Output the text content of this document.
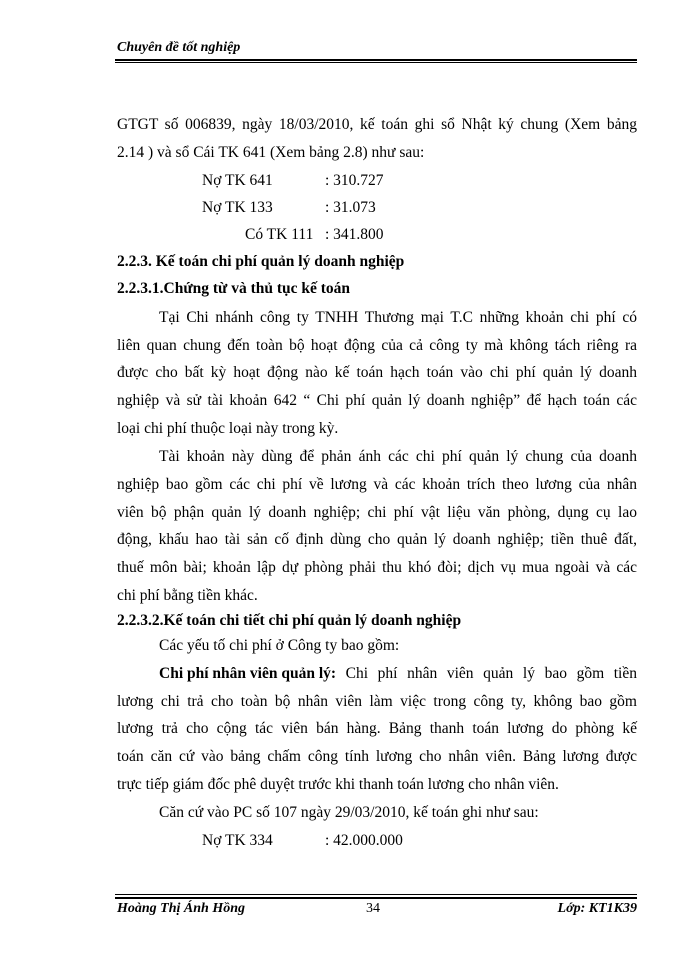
Chuyên đề tốt nghiệp
GTGT số 006839, ngày 18/03/2010, kế toán ghi sổ Nhật ký chung (Xem bảng
2.14 ) và sổ Cái TK 641 (Xem bảng 2.8) như sau:
Nợ TK 641	: 310.727
Nợ TK 133	: 31.073
Có TK 111 : 341.800
2.2.3. Kế toán chi phí quản lý doanh nghiệp
2.2.3.1.Chứng từ và thủ tục kế toán
Tại Chi nhánh công ty TNHH Thương mại T.C những khoản chi phí có
liên quan chung đến toàn bộ hoạt động của cả công ty mà không tách riêng ra
được cho bất kỳ hoạt động nào kế toán hạch toán vào chi phí quản lý doanh
nghiệp và sử tài khoản 642 “ Chi phí quản lý doanh nghiệp” để hạch toán các
loại chi phí thuộc loại này trong kỳ.
Tài khoản này dùng để phản ánh các chi phí quản lý chung của doanh
nghiệp bao gồm các chi phí về lương và các khoản trích theo lương của nhân
viên bộ phận quản lý doanh nghiệp; chi phí vật liệu văn phòng, dụng cụ lao
động, khấu hao tài sản cố định dùng cho quản lý doanh nghiệp; tiền thuê đất,
thuế môn bài; khoản lập dự phòng phải thu khó đòi; dịch vụ mua ngoài và các
chi phí bằng tiền khác.
2.2.3.2.Kế toán chi tiết chi phí quản lý doanh nghiệp
Các yếu tố chi phí ở Công ty bao gồm:
Chi phí nhân viên quản lý: Chi phí nhân viên quản lý bao gồm tiền
lương chi trả cho toàn bộ nhân viên làm việc trong công ty, không bao gồm
lương trả cho cộng tác viên bán hàng. Bảng thanh toán lương do phòng kế
toán căn cứ vào bảng chấm công tính lương cho nhân viên. Bảng lương được
trực tiếp giám đốc phê duyệt trước khi thanh toán lương cho nhân viên.
Căn cứ vào PC số 107 ngày 29/03/2010, kế toán ghi như sau:
Nợ TK 334	: 42.000.000
Hoàng Thị Ánh Hồng	34	Lớp: KT1K39
